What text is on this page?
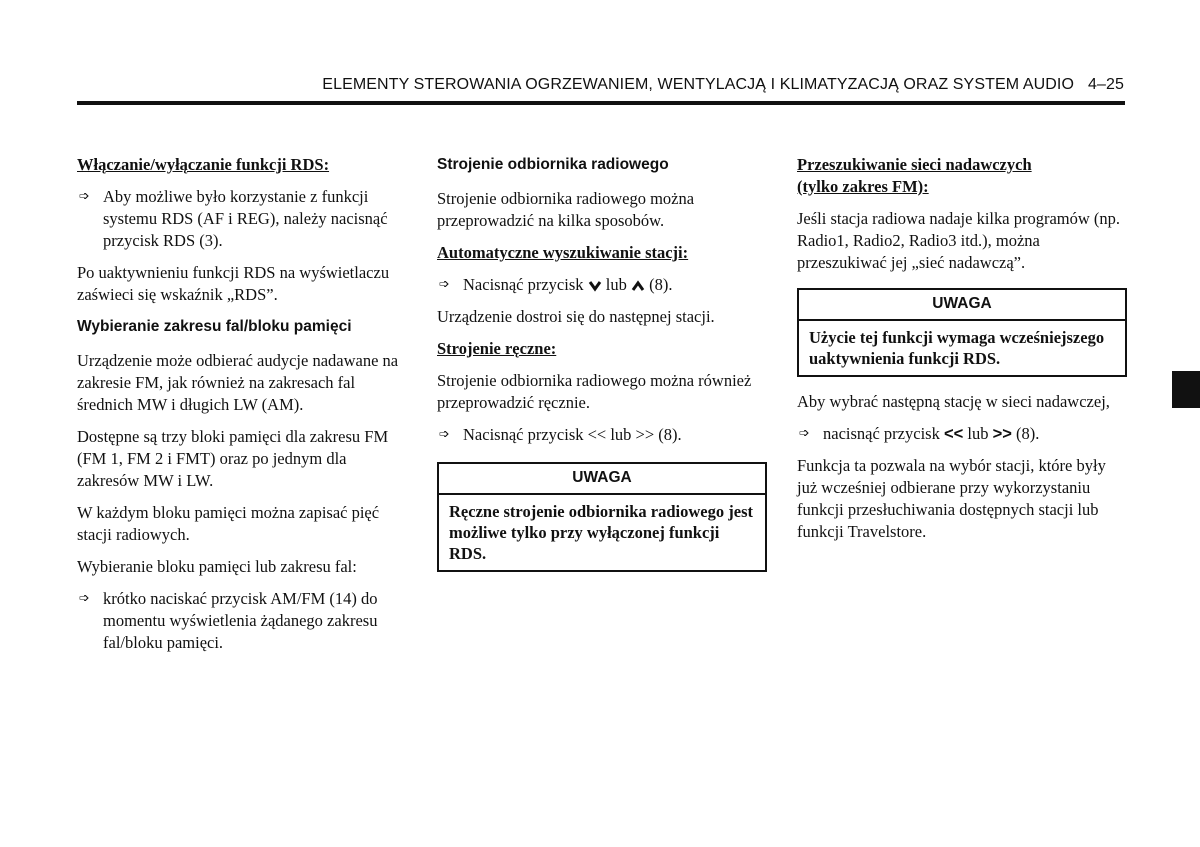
ELEMENTY STEROWANIA OGRZEWANIEM, WENTYLACJĄ I KLIMATYZACJĄ ORAZ SYSTEM AUDIO 4–25
Włączanie/wyłączanie funkcji RDS:
➩ Aby możliwe było korzystanie z funkcji systemu RDS (AF i REG), należy nacisnąć przycisk RDS (3).
Po uaktywnieniu funkcji RDS na wyświetlaczu zaświeci się wskaźnik „RDS”.
Wybieranie zakresu fal/bloku pamięci
Urządzenie może odbierać audycje nadawane na zakresie FM, jak również na zakresach fal średnich MW i długich LW (AM).
Dostępne są trzy bloki pamięci dla zakresu FM (FM 1, FM 2 i FMT) oraz po jednym dla zakresów MW i LW.
W każdym bloku pamięci można zapisać pięć stacji radiowych.
Wybieranie bloku pamięci lub zakresu fal:
➩ krótko naciskać przycisk AM/FM (14) do momentu wyświetlenia żądanego zakresu fal/bloku pamięci.
Strojenie odbiornika radiowego
Strojenie odbiornika radiowego można przeprowadzić na kilka sposobów.
Automatyczne wyszukiwanie stacji:
➩ Nacisnąć przycisk lub (8).
Urządzenie dostroi się do następnej stacji.
Strojenie ręczne:
Strojenie odbiornika radiowego można również przeprowadzić ręcznie.
➩ Nacisnąć przycisk << lub >> (8).
UWAGA
Ręczne strojenie odbiornika radiowego jest możliwe tylko przy wyłączonej funkcji RDS.
Przeszukiwanie sieci nadawczych
(tylko zakres FM):
Jeśli stacja radiowa nadaje kilka programów (np. Radio1, Radio2, Radio3 itd.), można przeszukiwać jej „sieć nadawczą”.
UWAGA
Użycie tej funkcji wymaga wcześniejszego uaktywnienia funkcji RDS.
Aby wybrać następną stację w sieci nadawczej,
➩ nacisnąć przycisk << lub >> (8).
Funkcja ta pozwala na wybór stacji, które były już wcześniej odbierane przy wykorzystaniu funkcji przesłuchiwania dostępnych stacji lub funkcji Travelstore.
